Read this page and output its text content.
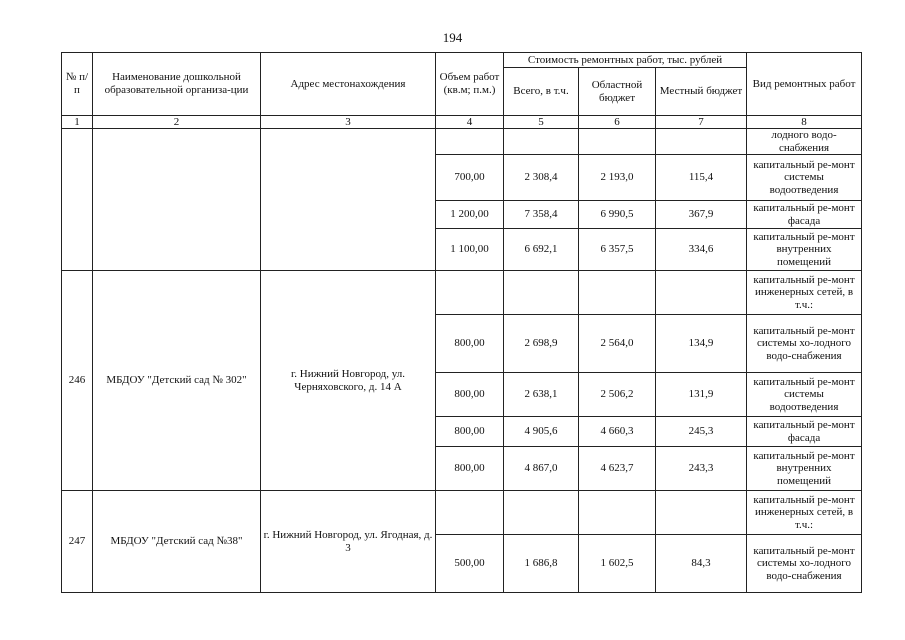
194
№ п/п	Наименование дошкольной образовательной организа-ции	Адрес местонахождения	Объем работ (кв.м; п.м.)	Стоимость ремонтных работ, тыс. рублей			Вид ремонтных работ
				Всего, в т.ч.	Областной бюджет	Местный бюджет	
1	2	3	4	5	6	7	8
							лодного водо-снабжения
			700,00	2 308,4	2 193,0	115,4	капитальный ре-монт системы водоотведения
			1 200,00	7 358,4	6 990,5	367,9	капитальный ре-монт фасада
			1 100,00	6 692,1	6 357,5	334,6	капитальный ре-монт внутренних помещений
246	МБДОУ "Детский сад № 302"	г. Нижний Новгород, ул. Черняховского, д. 14 А					капитальный ре-монт инженерных сетей, в т.ч.:
			800,00	2 698,9	2 564,0	134,9	капитальный ре-монт системы хо-лодного водо-снабжения
			800,00	2 638,1	2 506,2	131,9	капитальный ре-монт системы водоотведения
			800,00	4 905,6	4 660,3	245,3	капитальный ре-монт фасада
			800,00	4 867,0	4 623,7	243,3	капитальный ре-монт внутренних помещений
247	МБДОУ "Детский сад №38"	г. Нижний Новгород, ул. Ягодная, д. 3					капитальный ре-монт инженерных сетей, в т.ч.:
			500,00	1 686,8	1 602,5	84,3	капитальный ре-монт системы хо-лодного водо-снабжения
